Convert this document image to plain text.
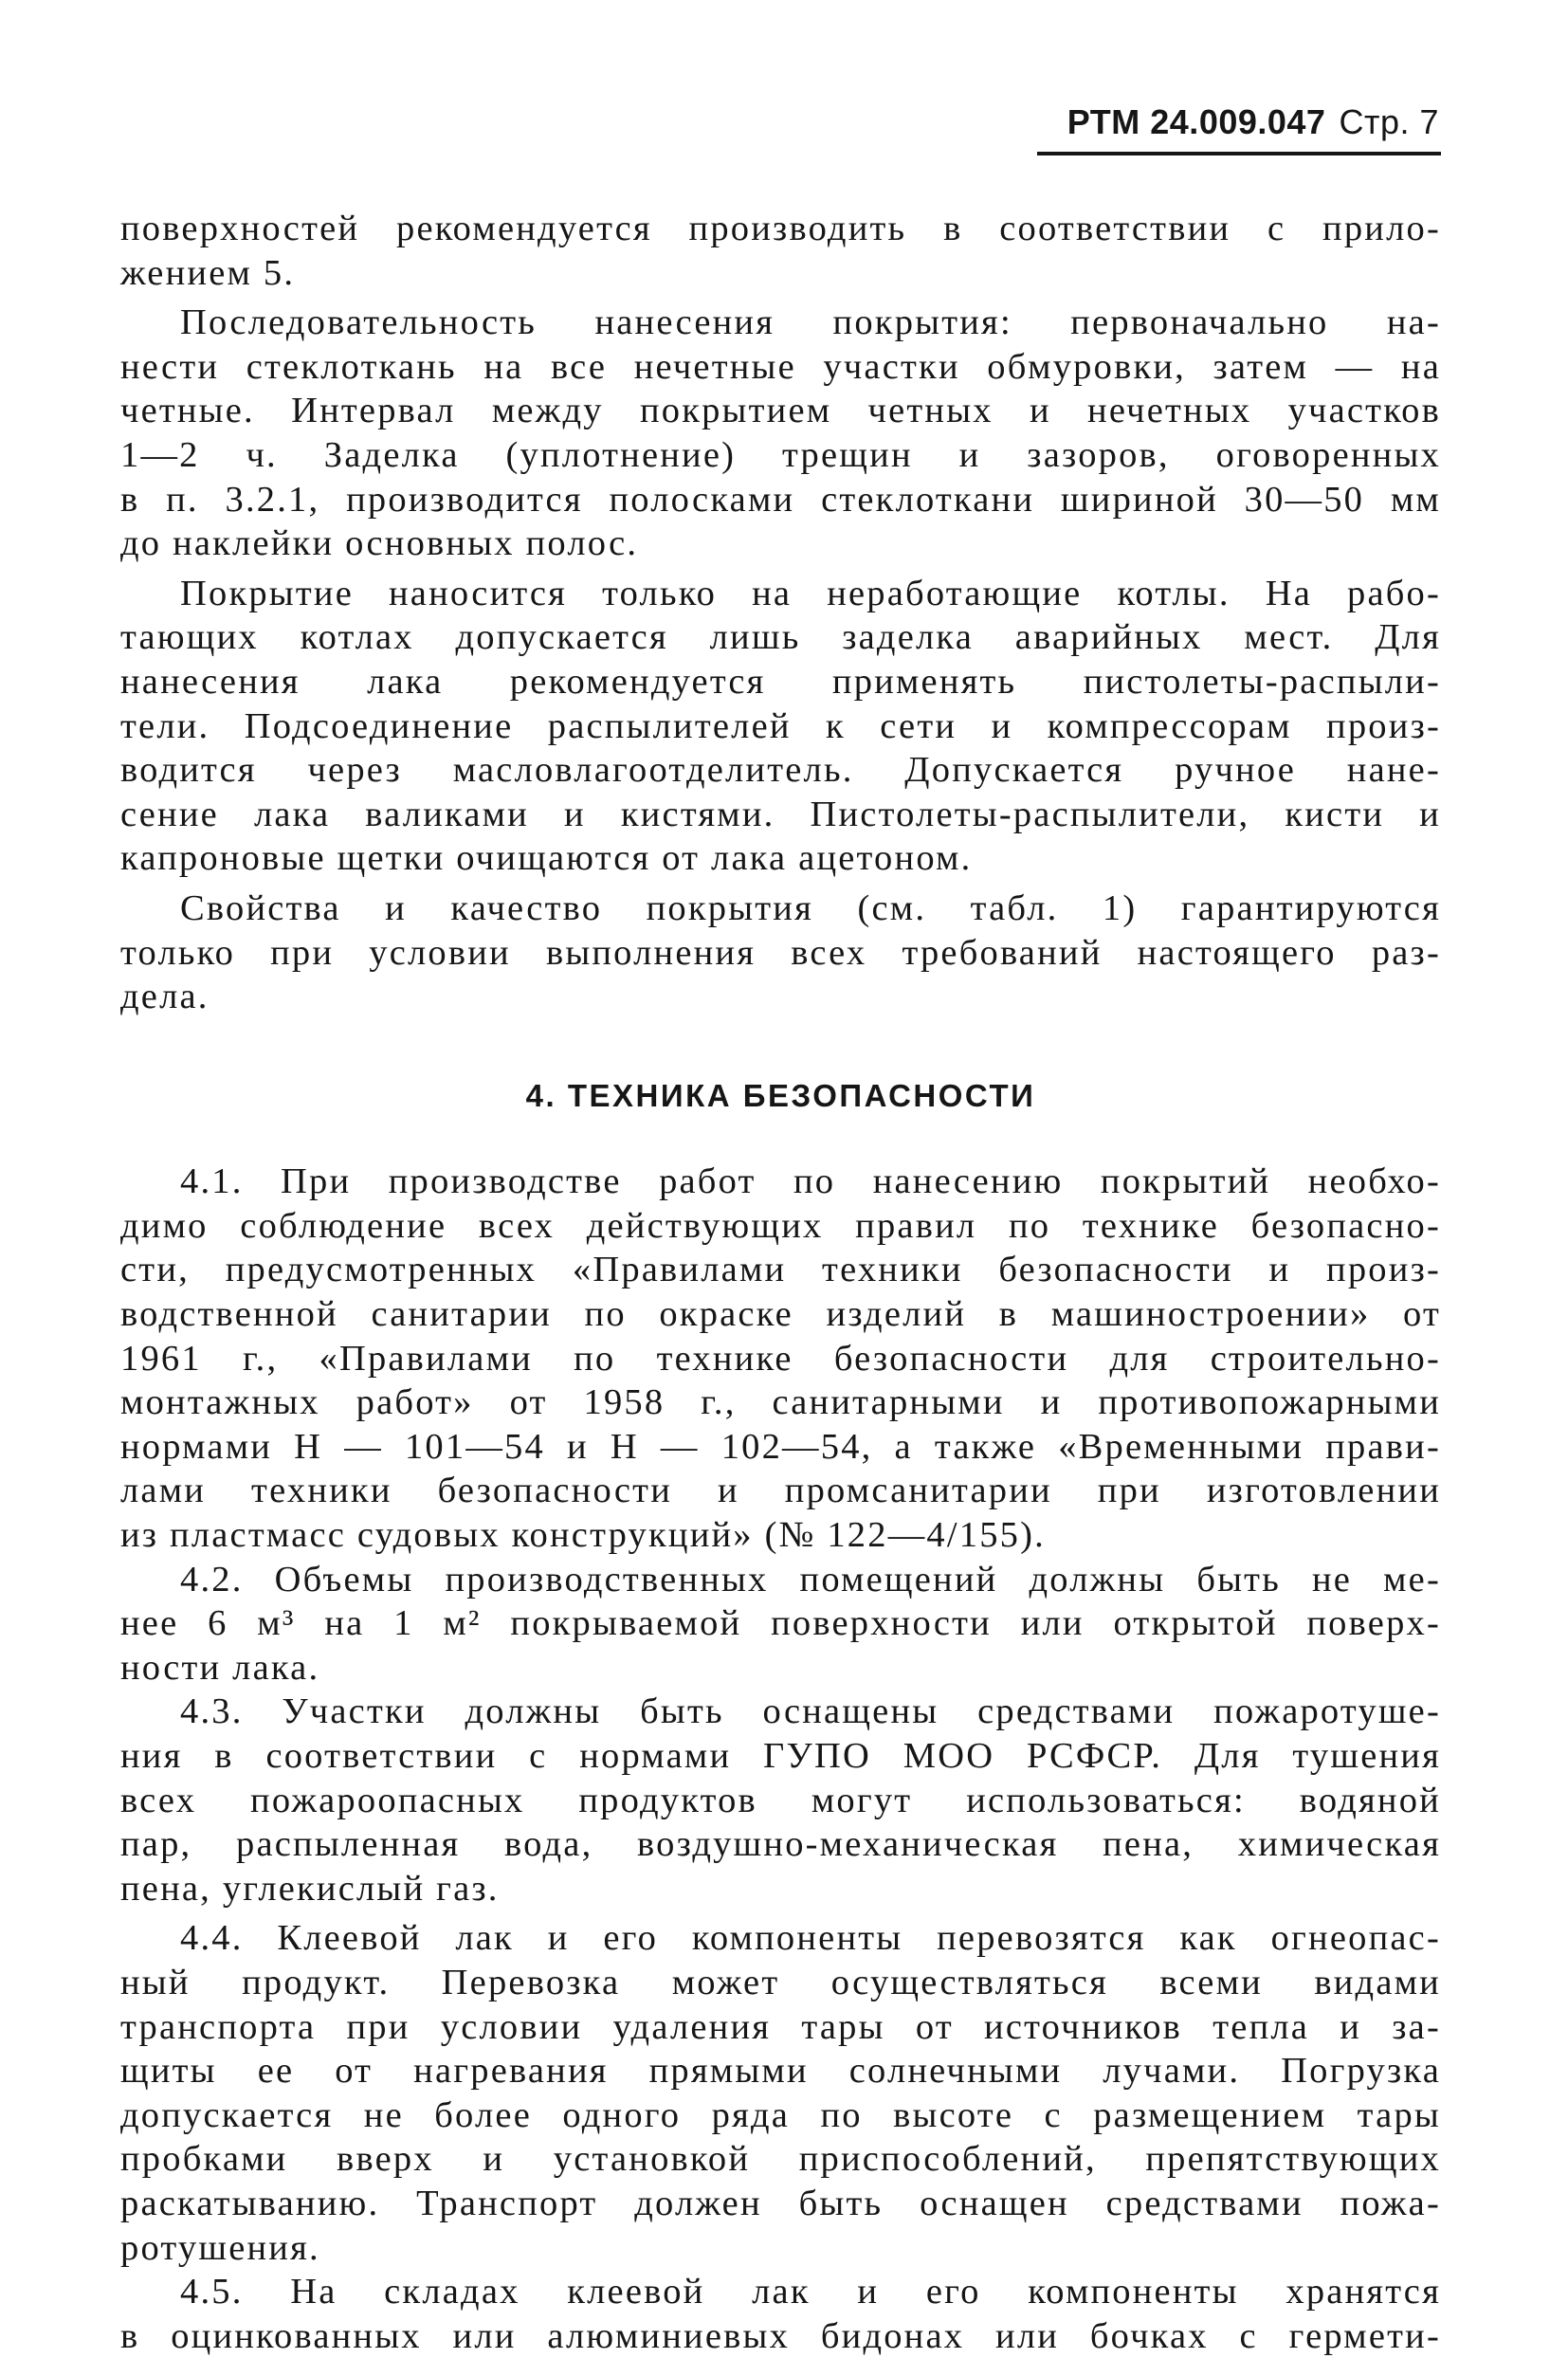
РТМ 24.009.047 Стр. 7
поверхностей рекомендуется производить в соответствии с прило-
жением 5.
Последовательность нанесения покрытия: первоначально на-
нести стеклоткань на все нечетные участки обмуровки, затем — на
четные. Интервал между покрытием четных и нечетных участков
1—2 ч. Заделка (уплотнение) трещин и зазоров, оговоренных
в п. 3.2.1, производится полосками стеклоткани шириной 30—50 мм
до наклейки основных полос.
Покрытие наносится только на неработающие котлы. На рабо-
тающих котлах допускается лишь заделка аварийных мест. Для
нанесения лака рекомендуется применять пистолеты-распыли-
тели. Подсоединение распылителей к сети и компрессорам произ-
водится через масловлагоотделитель. Допускается ручное нане-
сение лака валиками и кистями. Пистолеты-распылители, кисти и
капроновые щетки очищаются от лака ацетоном.
Свойства и качество покрытия (см. табл. 1) гарантируются
только при условии выполнения всех требований настоящего раз-
дела.
4. ТЕХНИКА БЕЗОПАСНОСТИ
4.1. При производстве работ по нанесению покрытий необхо-
димо соблюдение всех действующих правил по технике безопасно-
сти, предусмотренных «Правилами техники безопасности и произ-
водственной санитарии по окраске изделий в машиностроении» от
1961 г., «Правилами по технике безопасности для строительно-
монтажных работ» от 1958 г., санитарными и противопожарными
нормами Н — 101—54 и Н — 102—54, а также «Временными прави-
лами техники безопасности и промсанитарии при изготовлении
из пластмасс судовых конструкций» (№ 122—4/155).
4.2. Объемы производственных помещений должны быть не ме-
нее 6 м³ на 1 м² покрываемой поверхности или открытой поверх-
ности лака.
4.3. Участки должны быть оснащены средствами пожаротуше-
ния в соответствии с нормами ГУПО МОО РСФСР. Для тушения
всех пожароопасных продуктов могут использоваться: водяной
пар, распыленная вода, воздушно-механическая пена, химическая
пена, углекислый газ.
4.4. Клеевой лак и его компоненты перевозятся как огнеопас-
ный продукт. Перевозка может осуществляться всеми видами
транспорта при условии удаления тары от источников тепла и за-
щиты ее от нагревания прямыми солнечными лучами. Погрузка
допускается не более одного ряда по высоте с размещением тары
пробками вверх и установкой приспособлений, препятствующих
раскатыванию. Транспорт должен быть оснащен средствами пожа-
ротушения.
4.5. На складах клеевой лак и его компоненты хранятся
в оцинкованных или алюминиевых бидонах или бочках с гермети-
